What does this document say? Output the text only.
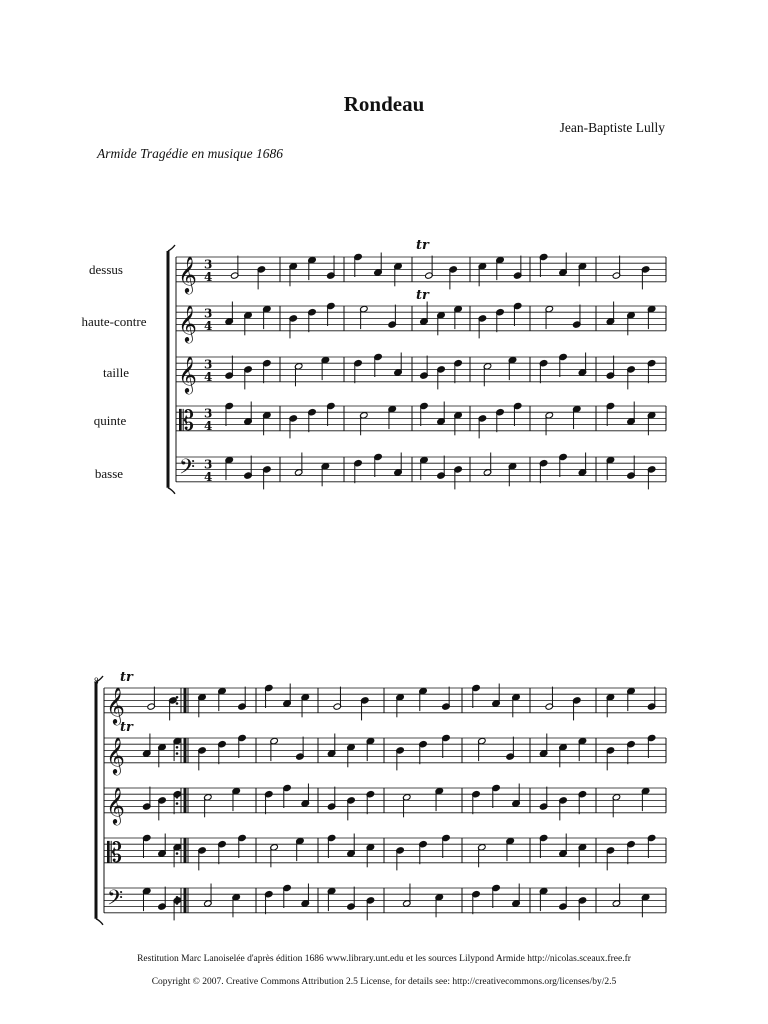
Rondeau
Jean-Baptiste Lully
Armide Tragédie en musique 1686
dessus
haute-contre
taille
quinte
basse
8
𝄞 3
4
𝄞 3
4
𝄞 3
4
𝄡 3
4
𝄢 3
4
𝄞
𝄞
𝄞
𝄡
𝄢
tr
tr
tr
tr
Restitution Marc Lanoiselée d'après édition 1686 www.library.unt.edu et les sources Lilypond Armide http://nicolas.sceaux.free.fr
Copyright © 2007. Creative Commons Attribution 2.5 License, for details see: http://creativecommons.org/licenses/by/2.5
